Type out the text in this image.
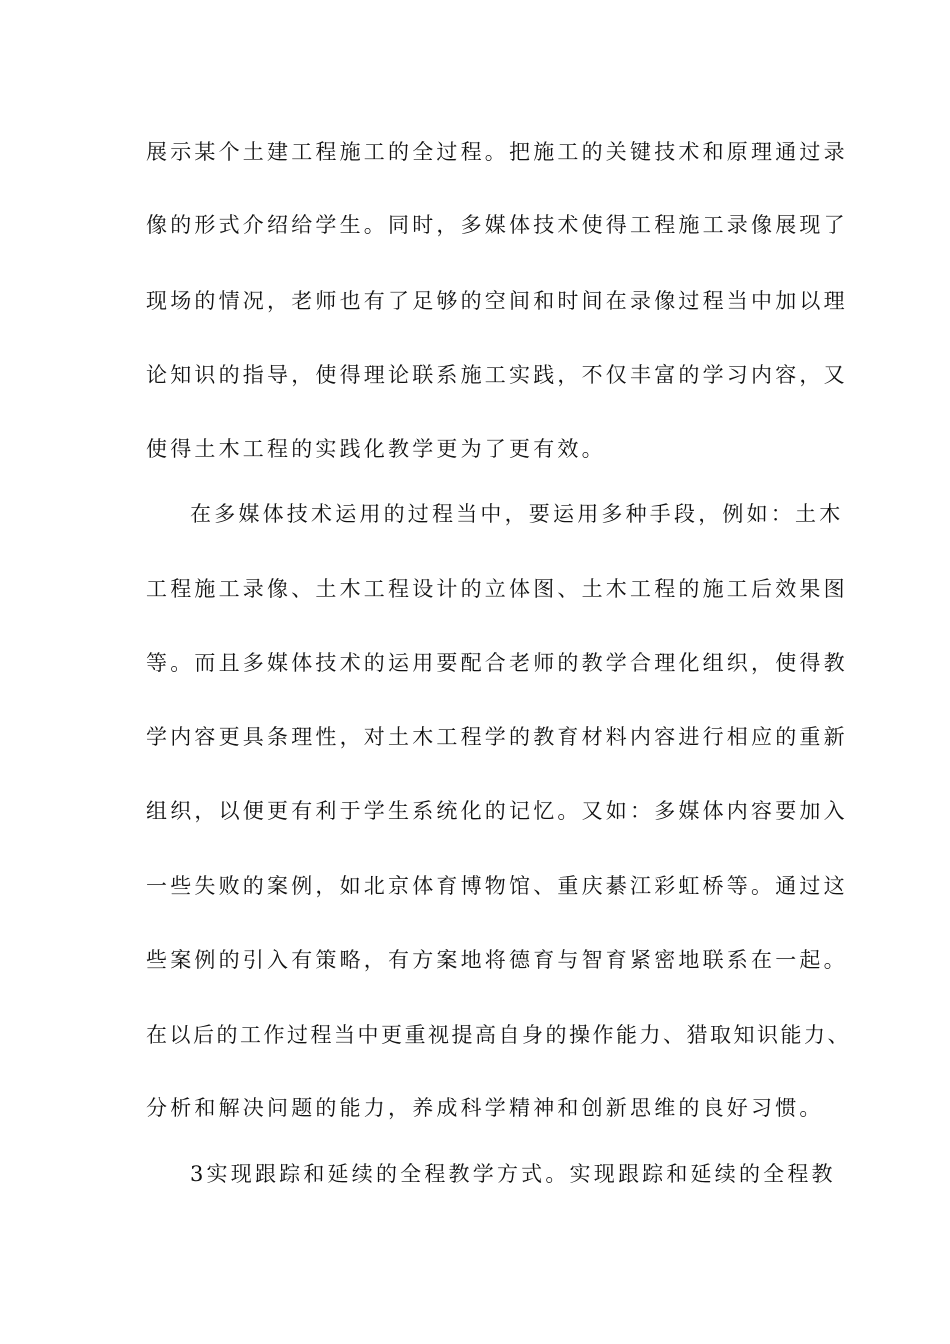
展示某个土建工程施工的全过程。把施工的关键技术和原理通过录
像的形式介绍给学生。同时，多媒体技术使得工程施工录像展现了
现场的情况，老师也有了足够的空间和时间在录像过程当中加以理
论知识的指导，使得理论联系施工实践，不仅丰富的学习内容，又
使得土木工程的实践化教学更为了更有效。
在多媒体技术运用的过程当中，要运用多种手段，例如：土木
工程施工录像、土木工程设计的立体图、土木工程的施工后效果图
等。而且多媒体技术的运用要配合老师的教学合理化组织，使得教
学内容更具条理性，对土木工程学的教育材料内容进行相应的重新
组织，以便更有利于学生系统化的记忆。又如：多媒体内容要加入
一些失败的案例，如北京体育博物馆、重庆綦江彩虹桥等。通过这
些案例的引入有策略，有方案地将德育与智育紧密地联系在一起。
在以后的工作过程当中更重视提高自身的操作能力、猎取知识能力、
分析和解决问题的能力，养成科学精神和创新思维的良好习惯。
3实现跟踪和延续的全程教学方式。实现跟踪和延续的全程教
